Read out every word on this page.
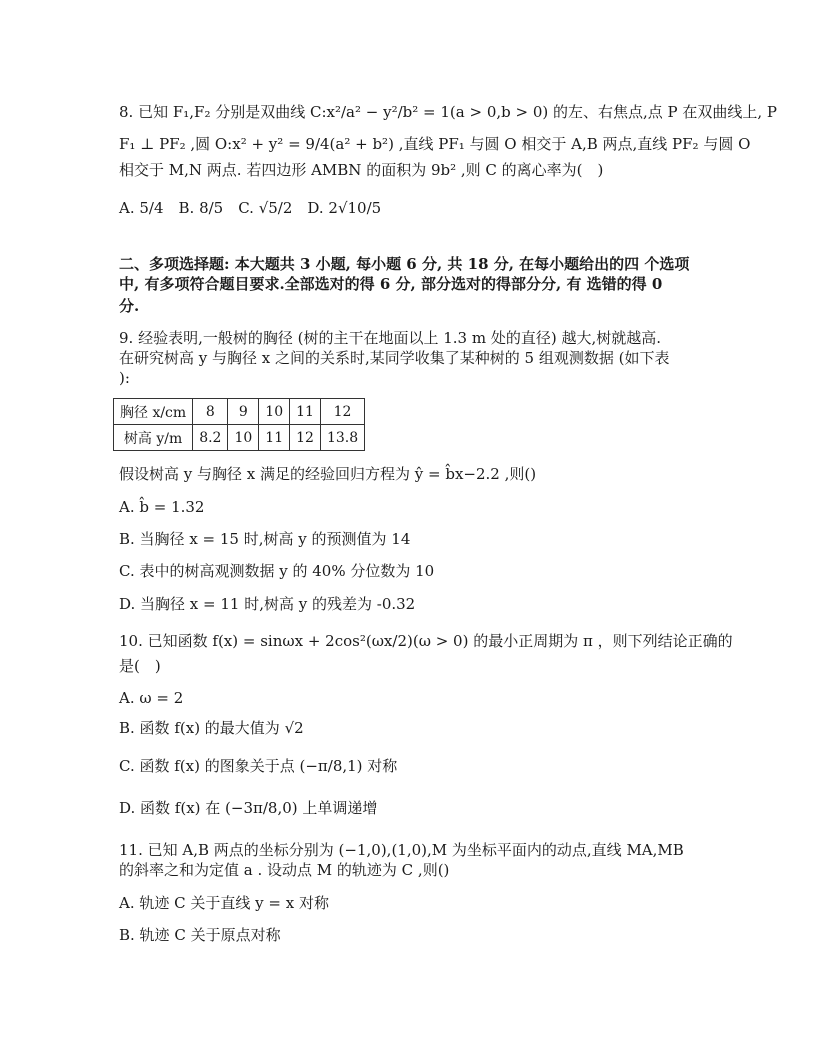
8. 已知 F₁,F₂ 分别是双曲线 C:x²/a² − y²/b² = 1(a > 0,b > 0) 的左、右焦点,点 P 在双曲线上, P
F₁ ⊥ PF₂ ,圆 O:x² + y² = 9/4(a² + b²) ,直线 PF₁ 与圆 O 相交于 A,B 两点,直线 PF₂ 与圆 O
相交于 M,N 两点. 若四边形 AMBN 的面积为 9b² ,则 C 的离心率为(　)
A. 5/4　B. 8/5　C. √5/2　D. 2√10/5
二、多项选择题: 本大题共 3 小题, 每小题 6 分, 共 18 分, 在每小题给出的四 个选项
中, 有多项符合题目要求.全部选对的得 6 分, 部分选对的得部分分, 有 选错的得 0
分.
9. 经验表明,一般树的胸径 (树的主干在地面以上 1.3 m 处的直径) 越大,树就越高.
在研究树高 y 与胸径 x 之间的关系时,某同学收集了某种树的 5 组观测数据 (如下表
):
胸径 x/cm	8	9	10	11	12
树高 y/m	8.2	10	11	12	13.8
假设树高 y 与胸径 x 满足的经验回归方程为 ŷ = b̂x−2.2 ,则()
A. b̂ = 1.32
B. 当胸径 x = 15 时,树高 y 的预测值为 14
C. 表中的树高观测数据 y 的 40% 分位数为 10
D. 当胸径 x = 11 时,树高 y 的残差为 -0.32
10. 已知函数 f(x) = sinωx + 2cos²(ωx/2)(ω > 0) 的最小正周期为 π ，则下列结论正确的
是(　)
A. ω = 2
B. 函数 f(x) 的最大值为 √2
C. 函数 f(x) 的图象关于点 (−π/8,1) 对称
D. 函数 f(x) 在 (−3π/8,0) 上单调递增
11. 已知 A,B 两点的坐标分别为 (−1,0),(1,0),M 为坐标平面内的动点,直线 MA,MB
的斜率之和为定值 a . 设动点 M 的轨迹为 C ,则()
A. 轨迹 C 关于直线 y = x 对称
B. 轨迹 C 关于原点对称
